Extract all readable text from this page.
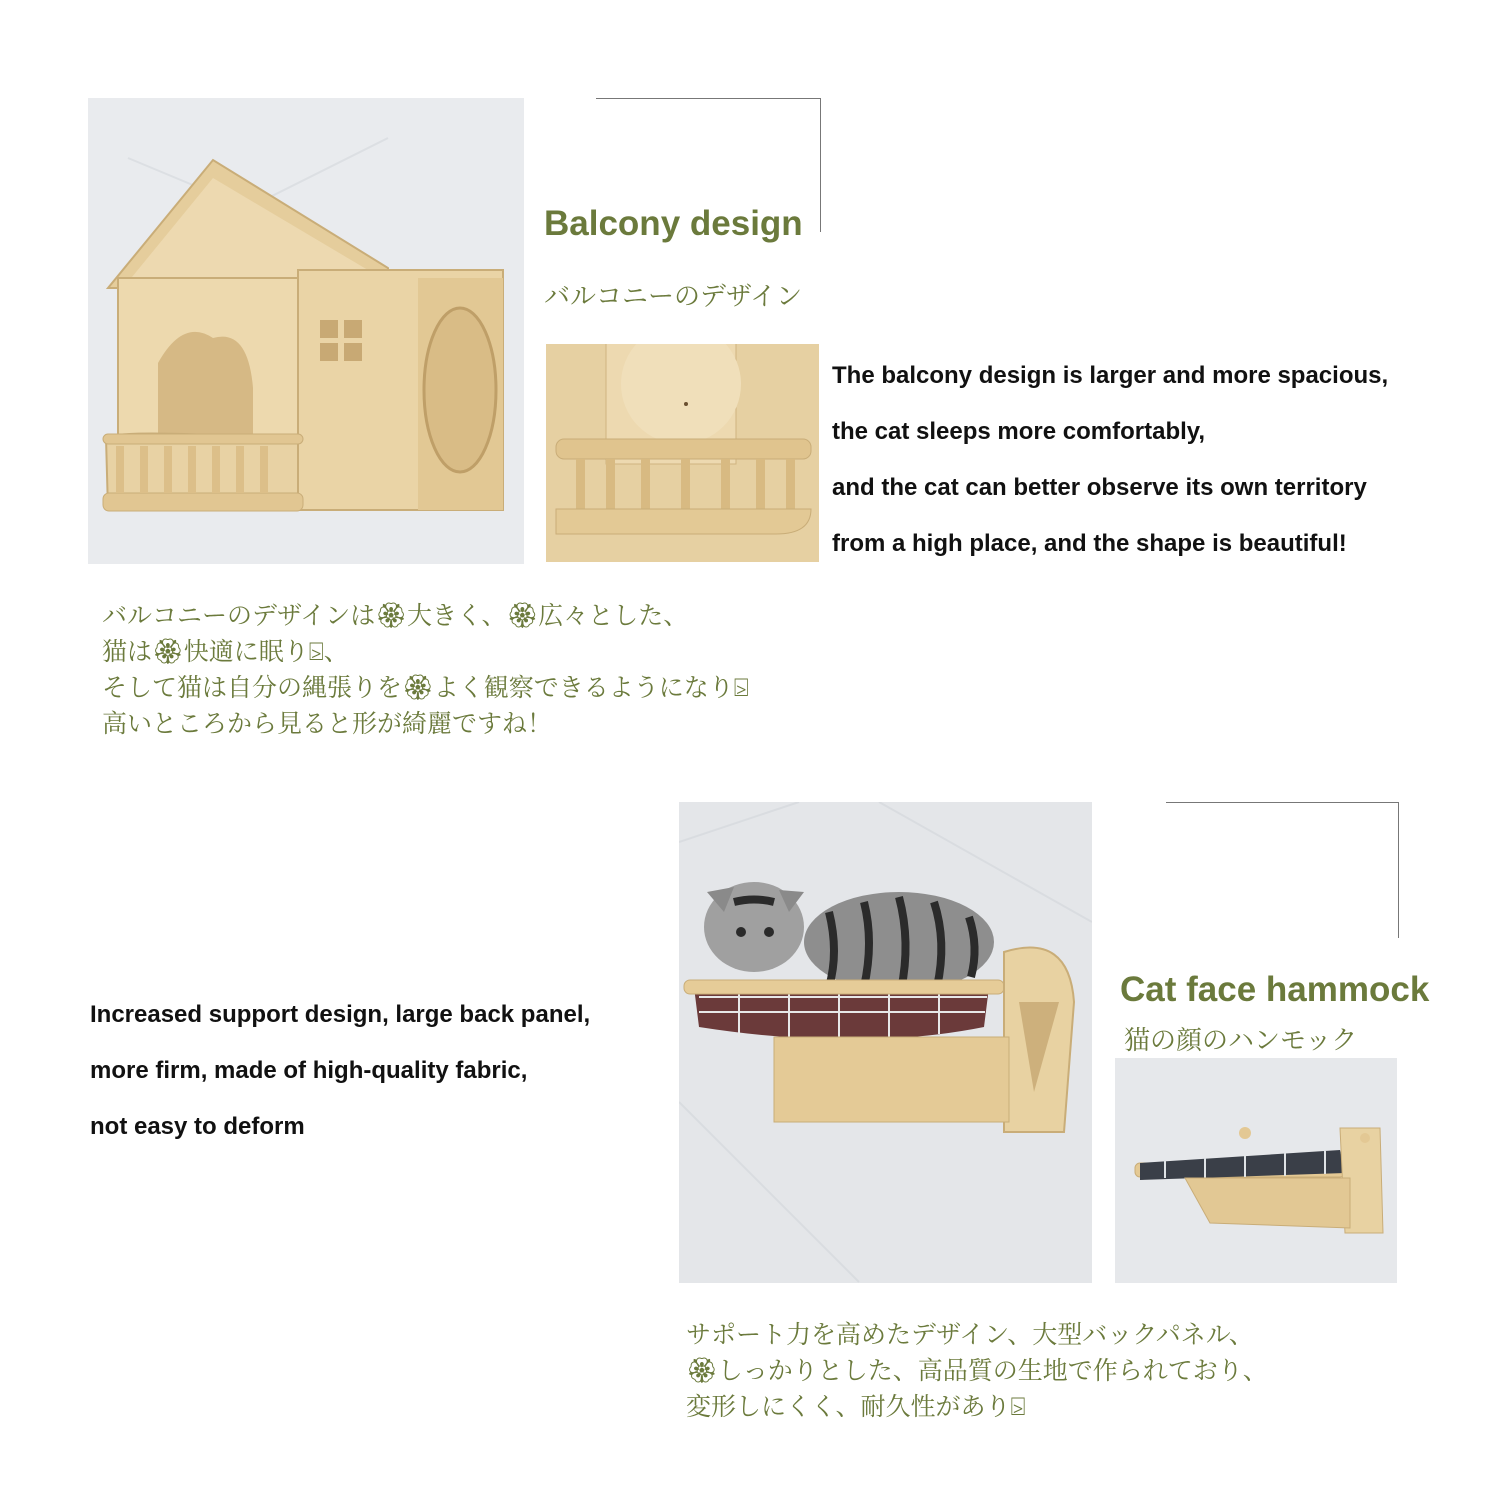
Balcony design
バルコニーのデザイン
The balcony design is larger and more spacious,
the cat sleeps more comfortably,
and the cat can better observe its own territory
from a high place, and the shape is beautiful!
バルコニーのデザインは🏵大きく、🏵広々とした、
猫は🏵快適に眠り⍄、
そして猫は自分の縄張りを🏵よく観察できるようになり⍄
高いところから見ると形が綺麗ですね！
Increased support design, large back panel,
more firm, made of high-quality fabric,
not easy to deform
Cat face hammock
猫の顔のハンモック
サポート力を高めたデザイン、大型バックパネル、
🏵しっかりとした、高品質の生地で作られており、
変形しにくく、耐久性があり⍄
